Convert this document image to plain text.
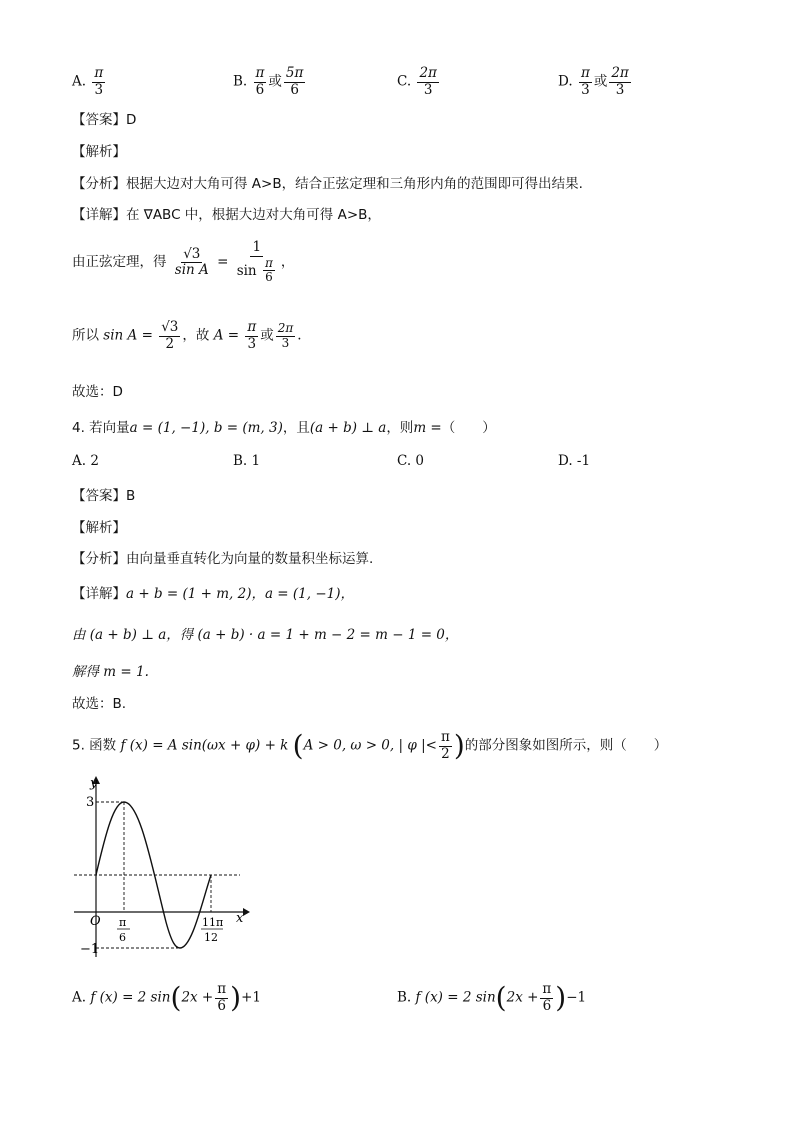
A. $\frac{\pi}{3}$	B. $\frac{\pi}{6}$ 或 $\frac{5\pi}{6}$	C. $\frac{2\pi}{3}$	D. $\frac{\pi}{3}$ 或 $\frac{2\pi}{3}$
【答案】D
【解析】
【分析】根据大边对大角可得 A>B，结合正弦定理和三角形内角的范围即可得出结果.
【详解】在 ∇ABC 中，根据大边对大角可得 A>B，
由正弦定理，得 $\frac{√3}{\text{sin A}} = \frac{1}{\sin \frac{\pi}{6}}$ ，
所以 $\sin A = \frac{√3}{2}$ ，故 $A = \frac{\pi}{3}$ 或 $\frac{2\pi}{3}$ .
故选：D
4. 若向量a = (1, −1), b = (m, 3)，且(a + b) ⊥ a，则m =（　　）
A. 2	B. 1	C. 0	D. -1
【答案】B
【解析】
【分析】由向量垂直转化为向量的数量积坐标运算.
【详解】a + b = (1 + m, 2)，a = (1, −1)，
由 (a + b) ⊥ a，得 (a + b) · a = 1 + m − 2 = m − 1 = 0，
解得 m = 1.
故选：B.
5. 函数 f (x) = A sin(ωx + φ) + k (A > 0, ω > 0, | φ |< $\frac{\pi}{2}$ )的部分图象如图所示，则（　　）
y
x
3
O
−1
π
6
11π
12
A. f (x) = 2 $\sin(2x + \frac{\pi}{6} )+1$	B. f (x) = 2 $\sin(2x + \frac{\pi}{6} )-1$
